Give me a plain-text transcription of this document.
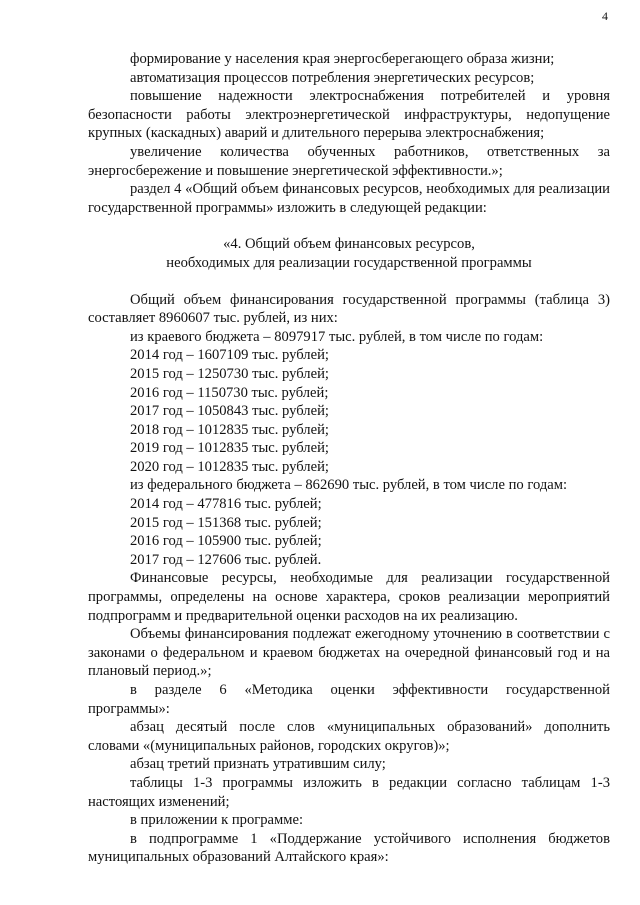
4

формирование у населения края энергосберегающего образа жизни;

автоматизация процессов потребления энергетических ресурсов;

повышение надежности электроснабжения потребителей и уровня безопасности работы электроэнергетической инфраструктуры, недопущение крупных (каскадных) аварий и длительного перерыва электроснабжения;

увеличение количества обученных работников, ответственных за энергосбережение и повышение энергетической эффективности.»;

раздел 4 «Общий объем финансовых ресурсов, необходимых для реализации государственной программы» изложить в следующей редакции:

«4. Общий объем финансовых ресурсов,
необходимых для реализации государственной программы

Общий объем финансирования государственной программы (таблица 3) составляет 8960607 тыс. рублей, из них:

из краевого бюджета – 8097917 тыс. рублей, в том числе по годам:

2014 год – 1607109 тыс. рублей;

2015 год – 1250730 тыс. рублей;

2016 год – 1150730 тыс. рублей;

2017 год – 1050843 тыс. рублей;

2018 год – 1012835 тыс. рублей;

2019 год – 1012835 тыс. рублей;

2020 год – 1012835 тыс. рублей;

из федерального бюджета – 862690 тыс. рублей, в том числе по годам:

2014 год – 477816 тыс. рублей;

2015 год – 151368 тыс. рублей;

2016 год – 105900 тыс. рублей;

2017 год – 127606 тыс. рублей.

Финансовые ресурсы, необходимые для реализации государственной программы, определены на основе характера, сроков реализации мероприятий подпрограмм и предварительной оценки расходов на их реализацию.

Объемы финансирования подлежат ежегодному уточнению в соответствии с законами о федеральном и краевом бюджетах на очередной финансовый год и на плановый период.»;

в разделе 6 «Методика оценки эффективности государственной программы»:

абзац десятый после слов «муниципальных образований» дополнить словами «(муниципальных районов, городских округов)»;

абзац третий признать утратившим силу;

таблицы 1-3 программы изложить в редакции согласно таблицам 1-3 настоящих изменений;

в приложении к программе:

в подпрограмме 1 «Поддержание устойчивого исполнения бюджетов муниципальных образований Алтайского края»:
